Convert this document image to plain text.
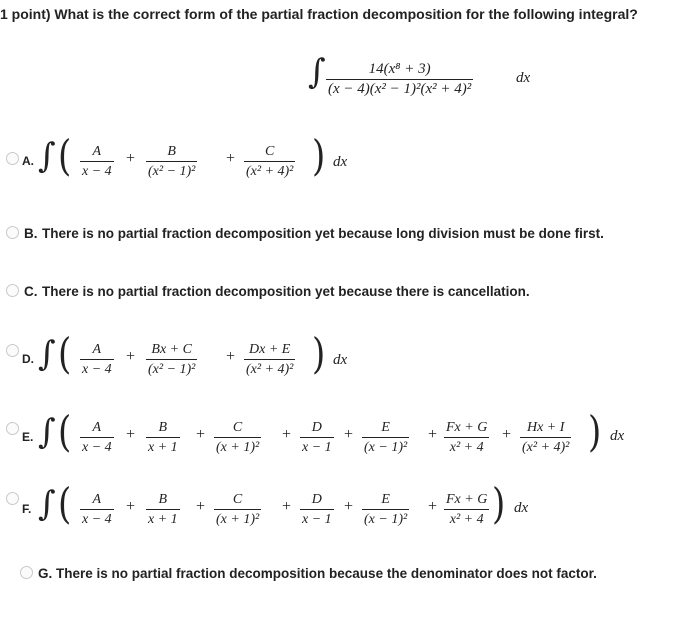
1 point) What is the correct form of the partial fraction decomposition for the following integral?
∫	14(x⁸ + 3)
(x − 4)(x² − 1)²(x² + 4)²
dx
A. ∫ ( A
x − 4
+ B
(x² − 1)²
+ C
(x² + 4)² ) dx
B. There is no partial fraction decomposition yet because long division must be done first.
C. There is no partial fraction decomposition yet because there is cancellation.
D. ∫ ( A
x − 4
+ Bx + C
(x² − 1)²
+ Dx + E
(x² + 4)² ) dx
E. ∫ ( A
x − 4
+ B
x + 1
+ C
(x + 1)²
+ D
x − 1
+ E
(x − 1)²
+ Fx + G
x² + 4
+ Hx + I
(x² + 4)² ) dx
F. ∫ ( A
x − 4
+ B
x + 1
+ C
(x + 1)²
+ D
x − 1
+ E
(x − 1)²
+ Fx + G
x² + 4 ) dx
G. There is no partial fraction decomposition because the denominator does not factor.
